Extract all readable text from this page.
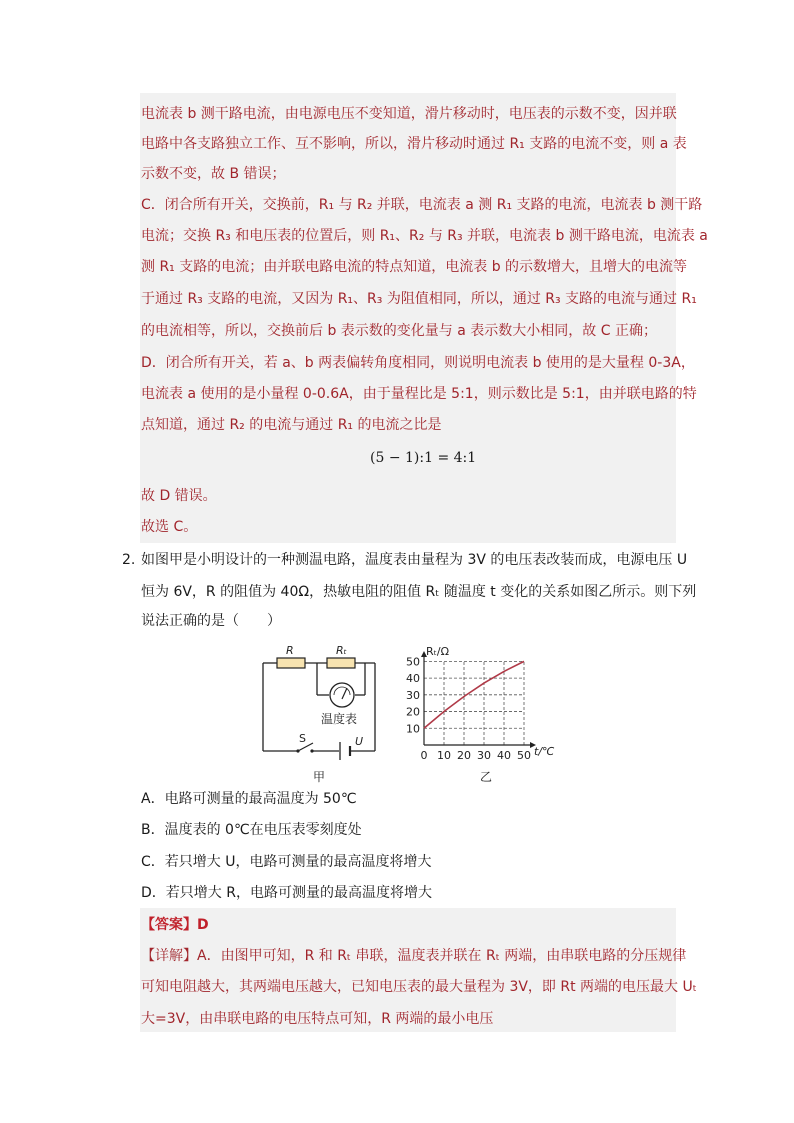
电流表 b 测干路电流，由电源电压不变知道，滑片移动时，电压表的示数不变，因并联
电路中各支路独立工作、互不影响，所以，滑片移动时通过 R₁ 支路的电流不变，则 a 表
示数不变，故 B 错误；
C．闭合所有开关，交换前，R₁ 与 R₂ 并联，电流表 a 测 R₁ 支路的电流，电流表 b 测干路
电流；交换 R₃ 和电压表的位置后，则 R₁、R₂ 与 R₃ 并联，电流表 b 测干路电流，电流表 a
测 R₁ 支路的电流；由并联电路电流的特点知道，电流表 b 的示数增大，且增大的电流等
于通过 R₃ 支路的电流，又因为 R₁、R₃ 为阻值相同，所以，通过 R₃ 支路的电流与通过 R₁
的电流相等，所以，交换前后 b 表示数的变化量与 a 表示数大小相同，故 C 正确；
D．闭合所有开关，若 a、b 两表偏转角度相同，则说明电流表 b 使用的是大量程 0-3A，
电流表 a 使用的是小量程 0-0.6A，由于量程比是 5:1，则示数比是 5:1，由并联电路的特
点知道，通过 R₂ 的电流与通过 R₁ 的电流之比是
(5 − 1):1 = 4:1
故 D 错误。
故选 C。
2. 如图甲是小明设计的一种测温电路，温度表由量程为 3V 的电压表改装而成，电源电压 U
恒为 6V，R 的阻值为 40Ω，热敏电阻的阻值 Rₜ 随温度 t 变化的关系如图乙所示。则下列
说法正确的是（　　）
R	Rₜ
温度表
S	U
甲
10
20
30
40
50
0 10 20 30 40 50
Rₜ/Ω
t/℃
乙
A．电路可测量的最高温度为 50℃
B．温度表的 0℃在电压表零刻度处
C．若只增大 U，电路可测量的最高温度将增大
D．若只增大 R，电路可测量的最高温度将增大
【答案】D
【详解】A．由图甲可知，R 和 Rₜ 串联，温度表并联在 Rₜ 两端，由串联电路的分压规律
可知电阻越大，其两端电压越大，已知电压表的最大量程为 3V，即 Rt 两端的电压最大 Uₜ
大=3V，由串联电路的电压特点可知，R 两端的最小电压
